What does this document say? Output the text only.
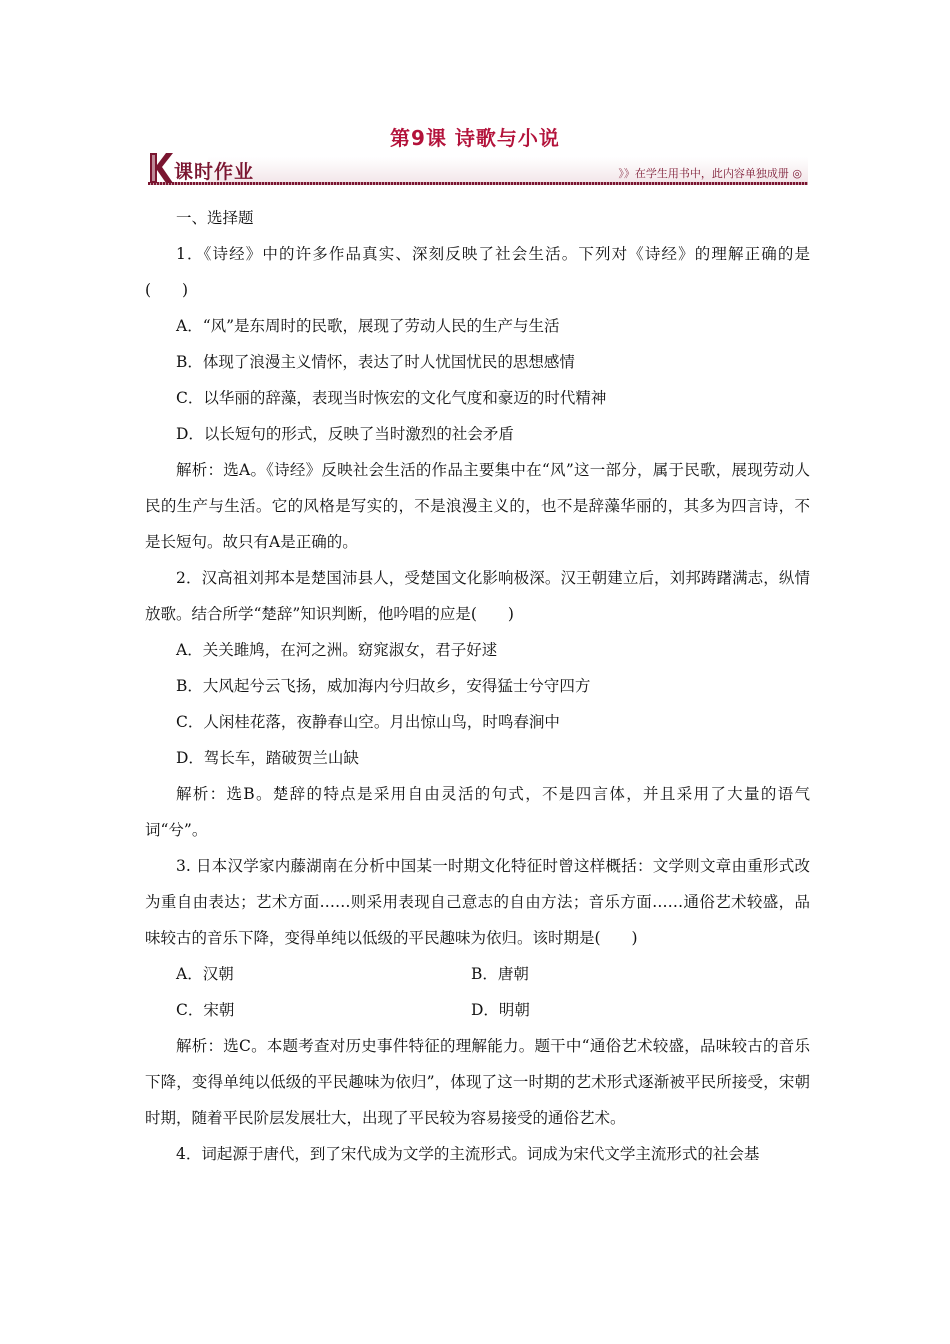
第9课 诗歌与小说
课时作业	》》在学生用书中，此内容单独成册 ◎

一、选择题

1．《诗经》中的许多作品真实、深刻反映了社会生活。下列对《诗经》的理解正确的是(　　)

A．“风”是东周时的民歌，展现了劳动人民的生产与生活

B．体现了浪漫主义情怀，表达了时人忧国忧民的思想感情

C．以华丽的辞藻，表现当时恢宏的文化气度和豪迈的时代精神

D．以长短句的形式，反映了当时激烈的社会矛盾

解析：选A。《诗经》反映社会生活的作品主要集中在“风”这一部分，属于民歌，展现劳动人民的生产与生活。它的风格是写实的，不是浪漫主义的，也不是辞藻华丽的，其多为四言诗，不是长短句。故只有A是正确的。

2．汉高祖刘邦本是楚国沛县人，受楚国文化影响极深。汉王朝建立后，刘邦踌躇满志，纵情放歌。结合所学“楚辞”知识判断，他吟唱的应是(　　)

A．关关雎鸠，在河之洲。窈窕淑女，君子好逑

B．大风起兮云飞扬，威加海内兮归故乡，安得猛士兮守四方

C．人闲桂花落，夜静春山空。月出惊山鸟，时鸣春涧中

D．驾长车，踏破贺兰山缺

解析：选B。楚辞的特点是采用自由灵活的句式，不是四言体，并且采用了大量的语气词“兮”。

3. 日本汉学家内藤湖南在分析中国某一时期文化特征时曾这样概括：文学则文章由重形式改为重自由表达；艺术方面……则采用表现自己意志的自由方法；音乐方面……通俗艺术较盛，品味较古的音乐下降，变得单纯以低级的平民趣味为依归。该时期是(　　)

A．汉朝	B．唐朝
C．宋朝	D．明朝

解析：选C。本题考查对历史事件特征的理解能力。题干中“通俗艺术较盛，品味较古的音乐下降，变得单纯以低级的平民趣味为依归”，体现了这一时期的艺术形式逐渐被平民所接受，宋朝时期，随着平民阶层发展壮大，出现了平民较为容易接受的通俗艺术。

4．词起源于唐代，到了宋代成为文学的主流形式。词成为宋代文学主流形式的社会基
